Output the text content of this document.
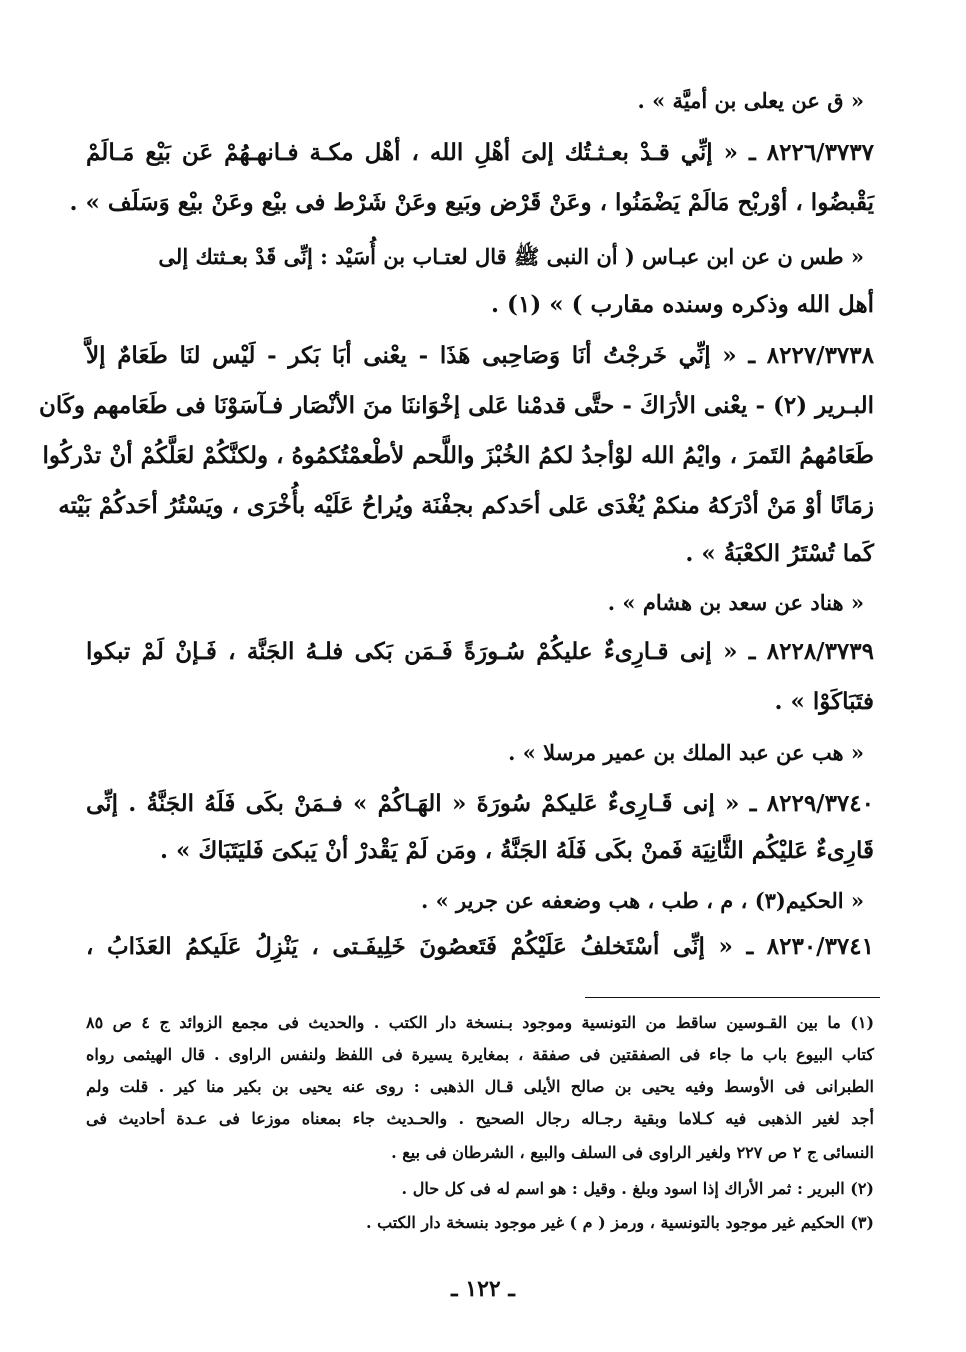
« ق عن يعلى بن أميَّة » .
٨٢٢٦/٣٧٣٧ ـ « إنِّي قـدْ بعـثـتُك إلىَ أهْلِ الله ، أهْل مكـة فـانهـهُمْ عَن بَيْع مَـالَمْ
يَقْبضُوا ، أوْربْح مَالَمْ يَضْمَنُوا ، وعَنْ قَرْض وبَيع وعَنْ شَرْط فى بيْع وعَنْ بيْع وَسَلَف » .
« طس ن عن ابن عبـاس ( أن النبى ﷺ قال لعتـاب بن أُسَيْد : إنِّى قَدْ بعـثتك إلى
أهل الله وذكره وسنده مقارب ) » (١) .
٨٢٢٧/٣٧٣٨ ـ « إنِّي خَرجْتُ أنَا وَصَاحِبى هَذَا - يعْنى أبَا بَكر - لَيْس لنَا طَعَامٌ إلاَّ
البـرير (٢) - يعْنى الأرَاكَ - حتَّى قدمْنا عَلى إخْوَاننَا منَ الأنْصَار فـآسَوْنَا فى طَعَامهم وكَان
طَعَامُهمُ التَمرَ ، وايْمُ الله لوْأجدُ لكمُ الخُبْزَ واللَّحم لأطْعمْتُكمُوهُ ، ولكنَّكُمْ لعَلَّكُمْ أنْ تدْركُوا
زمَانًا أوْ مَنْ أدْرَكهُ منكمْ يُغْدَى عَلى أحَدكم بجفْنَة ويُراحُ عَلَيْه بأُخْرَى ، ويَسْتُرُ أحَدكُمْ بَيْته
كَما تُسْتَرُ الكعْبَةُ » .
« هناد عن سعد بن هشام » .
٨٢٢٨/٣٧٣٩ ـ « إنى قـارِىءٌ عليكُمْ سُـورَةً فَـمَن بَكى فلـهُ الجَنَّة ، فَـإنْ لَمْ تبكوا
فتَبَاكَوْا » .
« هب عن عبد الملك بن عمير مرسلا » .
٨٢٢٩/٣٧٤٠ ـ « إنى قَـارِىءٌ عَليكمْ سُورَةَ « الهَـاكُمْ » فـمَنْ بكَى فَلَهُ الجَنَّةُ . إنِّى
قَارِىءٌ عَليْكُم الثَّانِيَة فَمنْ بكَى فَلَهُ الجَنَّةُ ، ومَن لَمْ يَقْدرْ أنْ يَبكىَ فَليَتَبَاكَ » .
« الحكيم(٣) ، م ، طب ، هب وضعفه عن جرير » .
٨٢٣٠/٣٧٤١ ـ « إنِّى أسْتَخلفُ عَلَيْكُمْ فَتَعصُونَ خَلِيفَـتى ، يَنْزِلُ عَلَيكمُ العَذَابُ ،
(١) ما بين القـوسين ساقط من التونسية وموجود بـنسخة دار الكتب . والحديث فى مجمع الزوائد ج ٤ ص ٨٥
كتاب البيوع باب ما جاء فى الصفقتين فى صفقة ، بمغايرة يسيرة فى اللفظ ولنفس الراوى . قال الهيثمى رواه
الطبرانى فى الأوسط وفيه يحيى بن صالح الأيلى قـال الذهبى : روى عنه يحيى بن بكير منا كير . قلت ولم
أجد لغير الذهبى فيه كـلاما وبقية رجـاله رجال الصحيح . والحـديث جاء بمعناه موزعا فى عـدة أحاديث فى
النسائى ج ٢ ص ٢٢٧ ولغير الراوى فى السلف والبيع ، الشرطان فى بيع .
(٢) البرير : ثمر الأراك إذا اسود وبلغ . وقيل : هو اسم له فى كل حال .
(٣) الحكيم غير موجود بالتونسية ، ورمز ( م ) غير موجود بنسخة دار الكتب .
ـ ١٢٢ ـ
